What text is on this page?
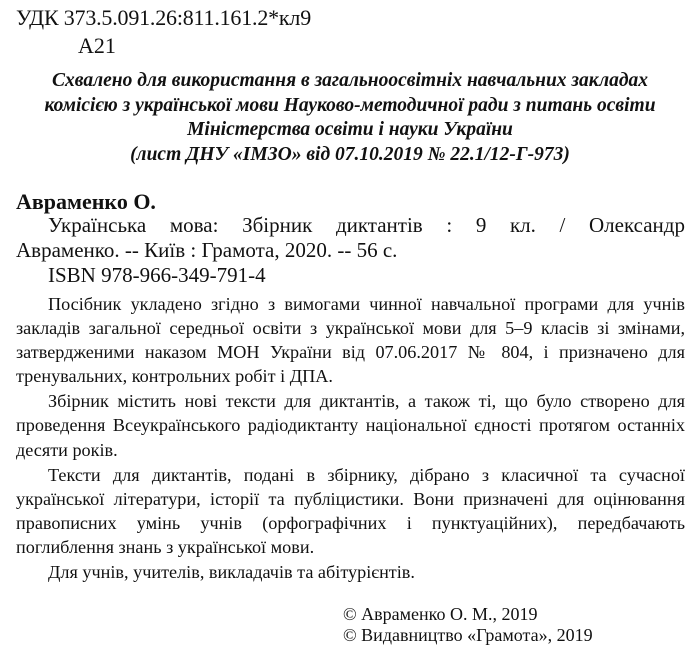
УДК 373.5.091.26:811.161.2*кл9
А21
Схвалено для використання в загальноосвітніх навчальних закладах
комісією з української мови Науково-методичної ради з питань освіти
Міністерства освіти і науки України
(лист ДНУ «ІМЗО» від 07.10.2019 № 22.1/12-Г-973)
Авраменко О.
Українська мова: Збірник диктантів : 9 кл. / Олександр
Авраменко. -- Київ : Грамота, 2020. -- 56 с.
ISBN 978-966-349-791-4

Посібник укладено згідно з вимогами чинної навчальної програми для учнів закладів загальної середньої освіти з української мови для 5–9 класів зі змінами, затвердженими наказом МОН України від 07.06.2017 № 804, і призначено для тренувальних, контрольних робіт і ДПА.

Збірник містить нові тексти для диктантів, а також ті, що було створено для проведення Всеукраїнського радіодиктанту національної єдності протягом останніх десяти років.

Тексти для диктантів, подані в збірнику, дібрано з класичної та сучасної української літератури, історії та публіцистики. Вони призначені для оцінювання правописних умінь учнів (орфографічних і пунктуаційних), передбачають поглиблення знань з української мови.

Для учнів, учителів, викладачів та абітурієнтів.

© Авраменко О. М., 2019
© Видавництво «Грамота», 2019
